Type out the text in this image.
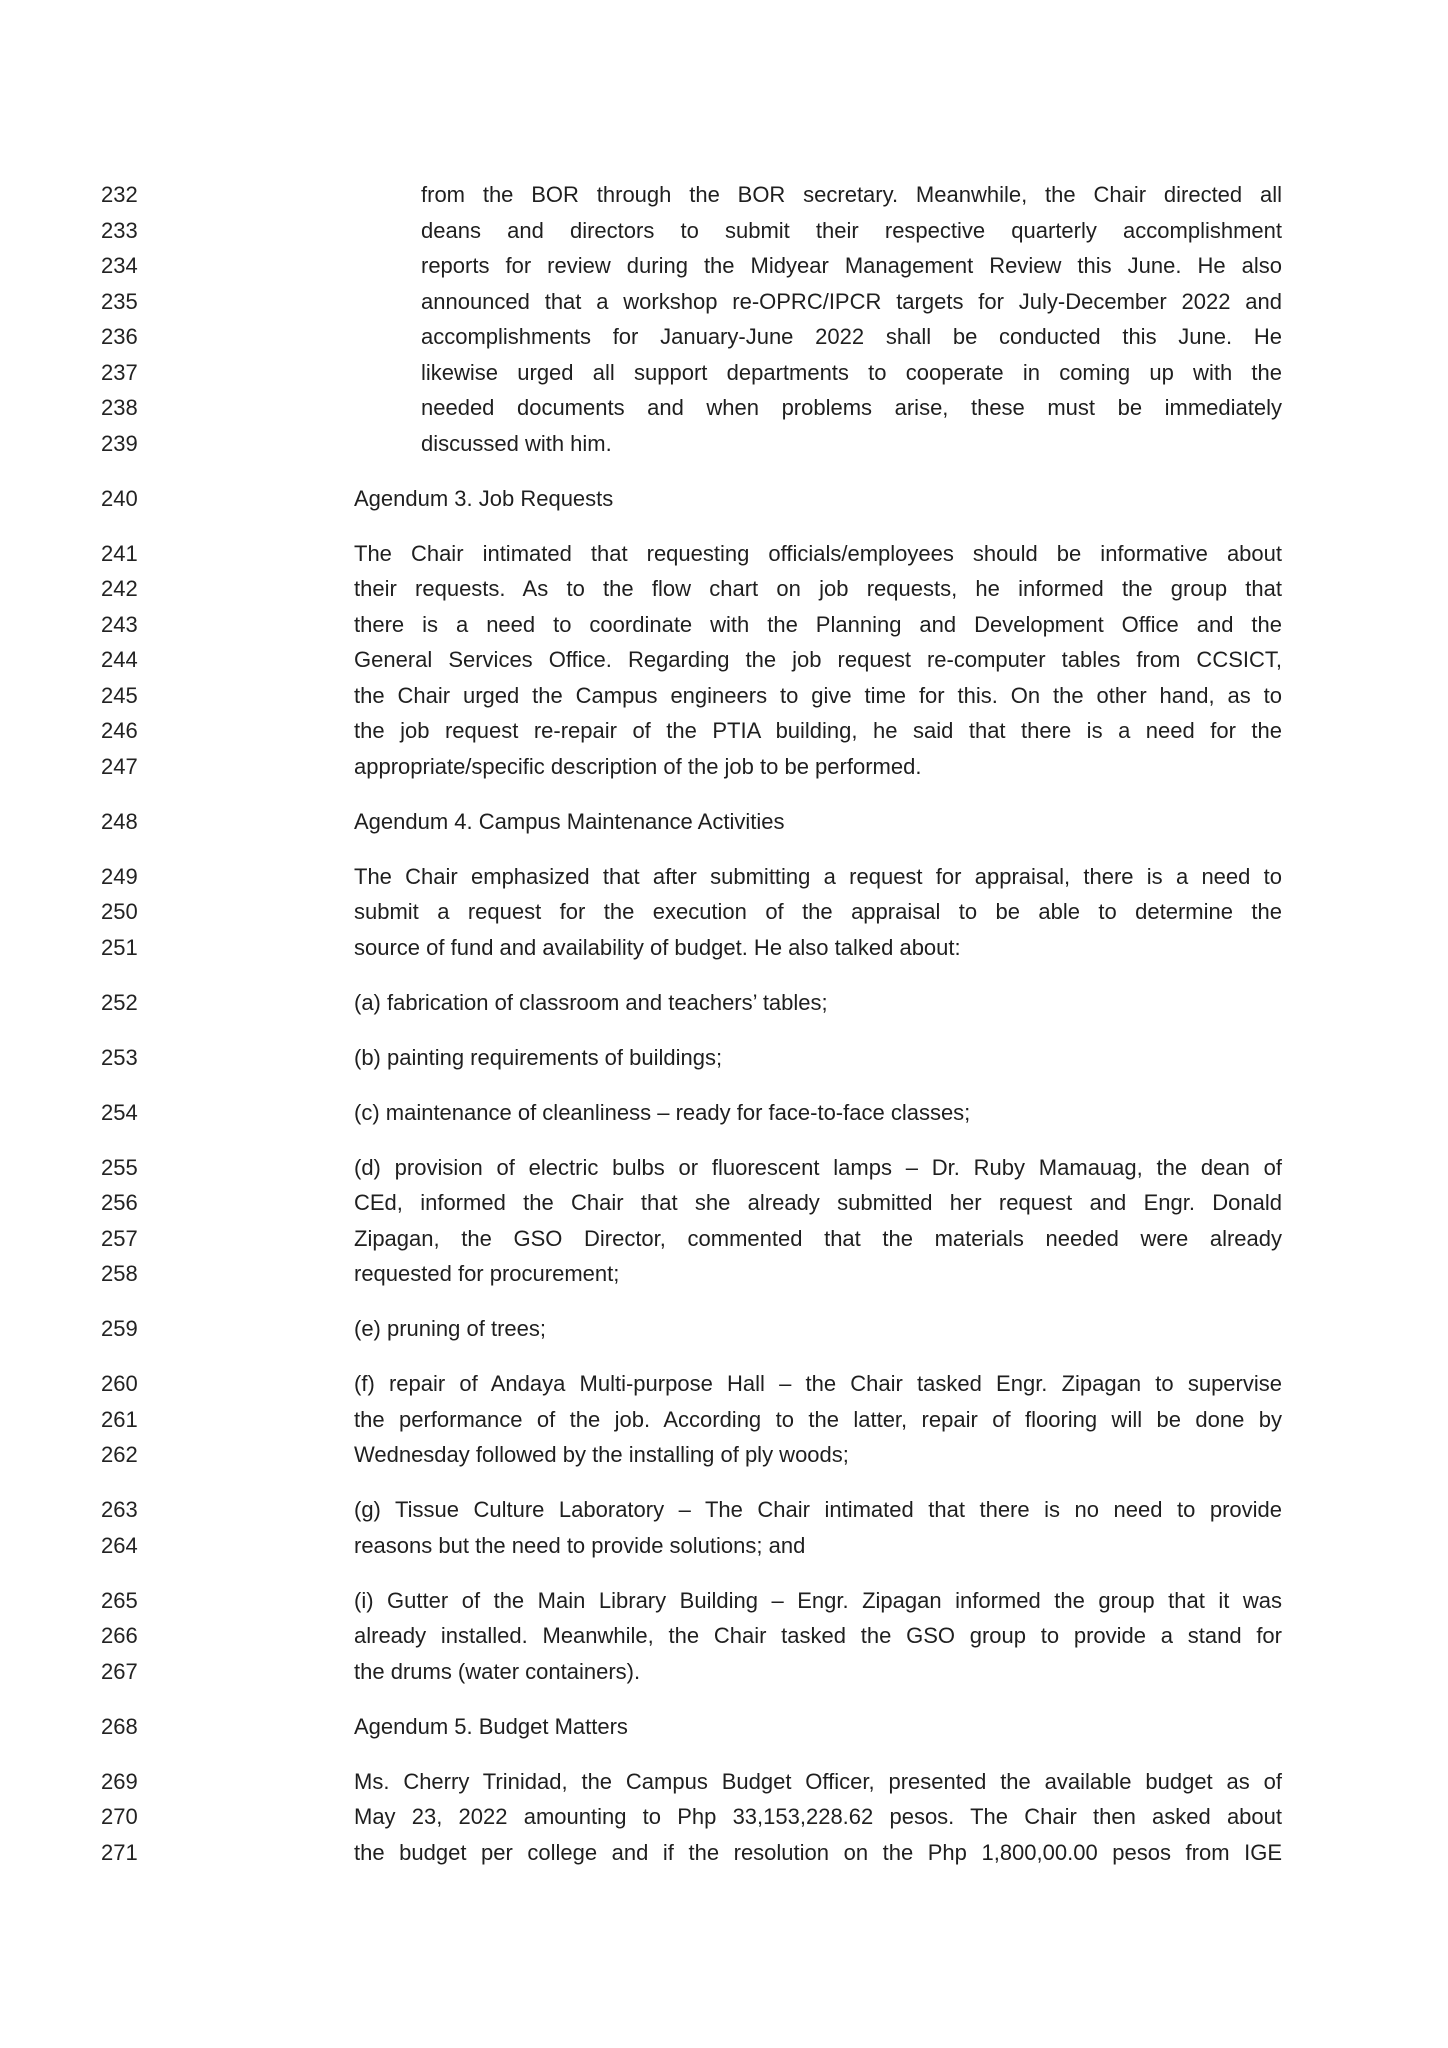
232	from the BOR through the BOR secretary. Meanwhile, the Chair directed all
233	deans and directors to submit their respective quarterly accomplishment
234	reports for review during the Midyear Management Review this June. He also
235	announced that a workshop re-OPRC/IPCR targets for July-December 2022 and
236	accomplishments for January-June 2022 shall be conducted this June. He
237	likewise urged all support departments to cooperate in coming up with the
238	needed documents and when problems arise, these must be immediately
239	discussed with him.
240	Agendum 3. Job Requests
241	The Chair intimated that requesting officials/employees should be informative about
242	their requests. As to the flow chart on job requests, he informed the group that
243	there is a need to coordinate with the Planning and Development Office and the
244	General Services Office. Regarding the job request re-computer tables from CCSICT,
245	the Chair urged the Campus engineers to give time for this. On the other hand, as to
246	the job request re-repair of the PTIA building, he said that there is a need for the
247	appropriate/specific description of the job to be performed.
248	Agendum 4. Campus Maintenance Activities
249	The Chair emphasized that after submitting a request for appraisal, there is a need to
250	submit a request for the execution of the appraisal to be able to determine the
251	source of fund and availability of budget. He also talked about:
252	(a) fabrication of classroom and teachers’ tables;
253	(b) painting requirements of buildings;
254	(c) maintenance of cleanliness – ready for face-to-face classes;
255	(d) provision of electric bulbs or fluorescent lamps – Dr. Ruby Mamauag, the dean of
256	CEd, informed the Chair that she already submitted her request and Engr. Donald
257	Zipagan, the GSO Director, commented that the materials needed were already
258	requested for procurement;
259	(e) pruning of trees;
260	(f) repair of Andaya Multi-purpose Hall – the Chair tasked Engr. Zipagan to supervise
261	the performance of the job. According to the latter, repair of flooring will be done by
262	Wednesday followed by the installing of ply woods;
263	(g) Tissue Culture Laboratory – The Chair intimated that there is no need to provide
264	reasons but the need to provide solutions; and
265	(i) Gutter of the Main Library Building – Engr. Zipagan informed the group that it was
266	already installed. Meanwhile, the Chair tasked the GSO group to provide a stand for
267	the drums (water containers).
268	Agendum 5. Budget Matters
269	Ms. Cherry Trinidad, the Campus Budget Officer, presented the available budget as of
270	May 23, 2022 amounting to Php 33,153,228.62 pesos. The Chair then asked about
271	the budget per college and if the resolution on the Php 1,800,00.00 pesos from IGE
